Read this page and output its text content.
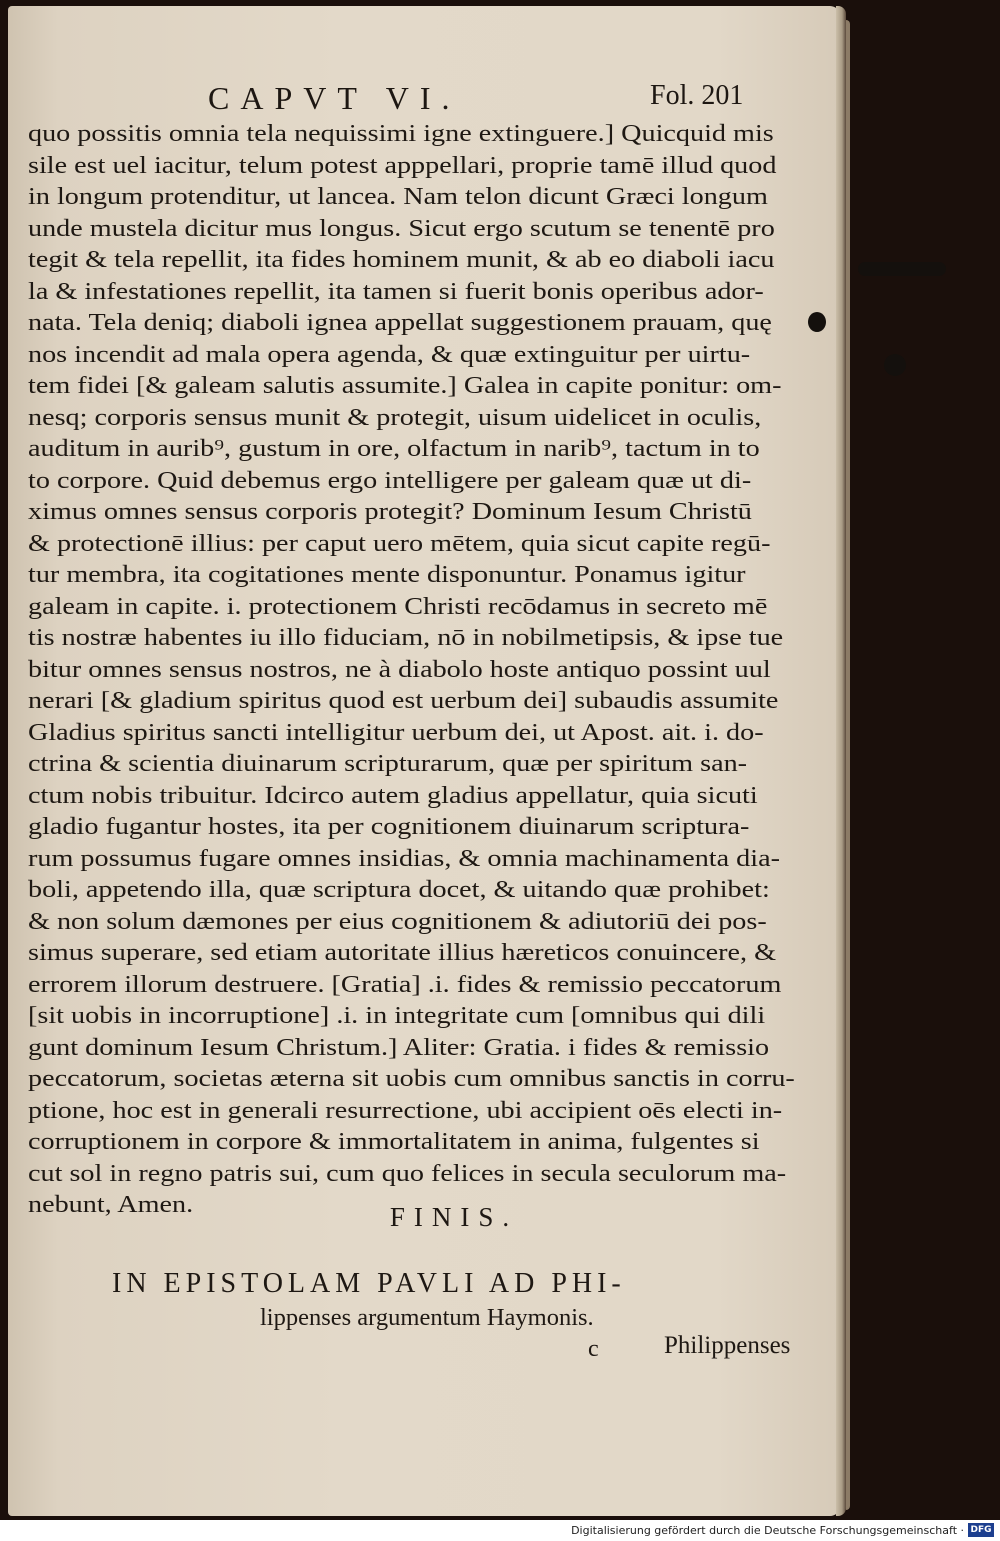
CAPVT VI.	Fol. 201
quo possitis omnia tela nequissimi igne extinguere.] Quicquid mis
sile est uel iacitur, telum potest apppellari, proprie tamē illud quod
in longum protenditur, ut lancea. Nam telon dicunt Græci longum
unde mustela dicitur mus longus. Sicut ergo scutum se tenentē pro
tegit & tela repellit, ita fides hominem munit, & ab eo diaboli iacu
la & infestationes repellit, ita tamen si fuerit bonis operibus ador-
nata. Tela deniq; diaboli ignea appellat suggestionem prauam, quę
nos incendit ad mala opera agenda, & quæ extinguitur per uirtu-
tem fidei [& galeam salutis assumite.] Galea in capite ponitur: om-
nesq; corporis sensus munit & protegit, uisum uidelicet in oculis,
auditum in aurib⁹, gustum in ore, olfactum in narib⁹, tactum in to
to corpore. Quid debemus ergo intelligere per galeam quæ ut di-
ximus omnes sensus corporis protegit? Dominum Iesum Christū
& protectionē illius: per caput uero mētem, quia sicut capite regū-
tur membra, ita cogitationes mente disponuntur. Ponamus igitur
galeam in capite. i. protectionem Christi recōdamus in secreto mē
tis nostræ habentes iu illo fiduciam, nō in nobilmetipsis, & ipse tue
bitur omnes sensus nostros, ne à diabolo hoste antiquo possint uul
nerari [& gladium spiritus quod est uerbum dei] subaudis assumite
Gladius spiritus sancti intelligitur uerbum dei, ut Apost. ait. i. do-
ctrina & scientia diuinarum scripturarum, quæ per spiritum san-
ctum nobis tribuitur. Idcirco autem gladius appellatur, quia sicuti
gladio fugantur hostes, ita per cognitionem diuinarum scriptura-
rum possumus fugare omnes insidias, & omnia machinamenta dia-
boli, appetendo illa, quæ scriptura docet, & uitando quæ prohibet:
& non solum dæmones per eius cognitionem & adiutoriū dei pos-
simus superare, sed etiam autoritate illius hæreticos conuincere, &
errorem illorum destruere. [Gratia] .i. fides & remissio peccatorum
[sit uobis in incorruptione] .i. in integritate cum [omnibus qui dili
gunt dominum Iesum Christum.] Aliter: Gratia. i fides & remissio
peccatorum, societas æterna sit uobis cum omnibus sanctis in corru-
ptione, hoc est in generali resurrectione, ubi accipient oēs electi in-
corruptionem in corpore & immortalitatem in anima, fulgentes si
cut sol in regno patris sui, cum quo felices in secula seculorum ma-
nebunt, Amen.	FINIS.
IN EPISTOLAM PAVLI AD PHI-
lippenses argumentum Haymonis.
c	Philippenses
Digitalisierung gefördert durch die Deutsche Forschungsgemeinschaft · DFG
